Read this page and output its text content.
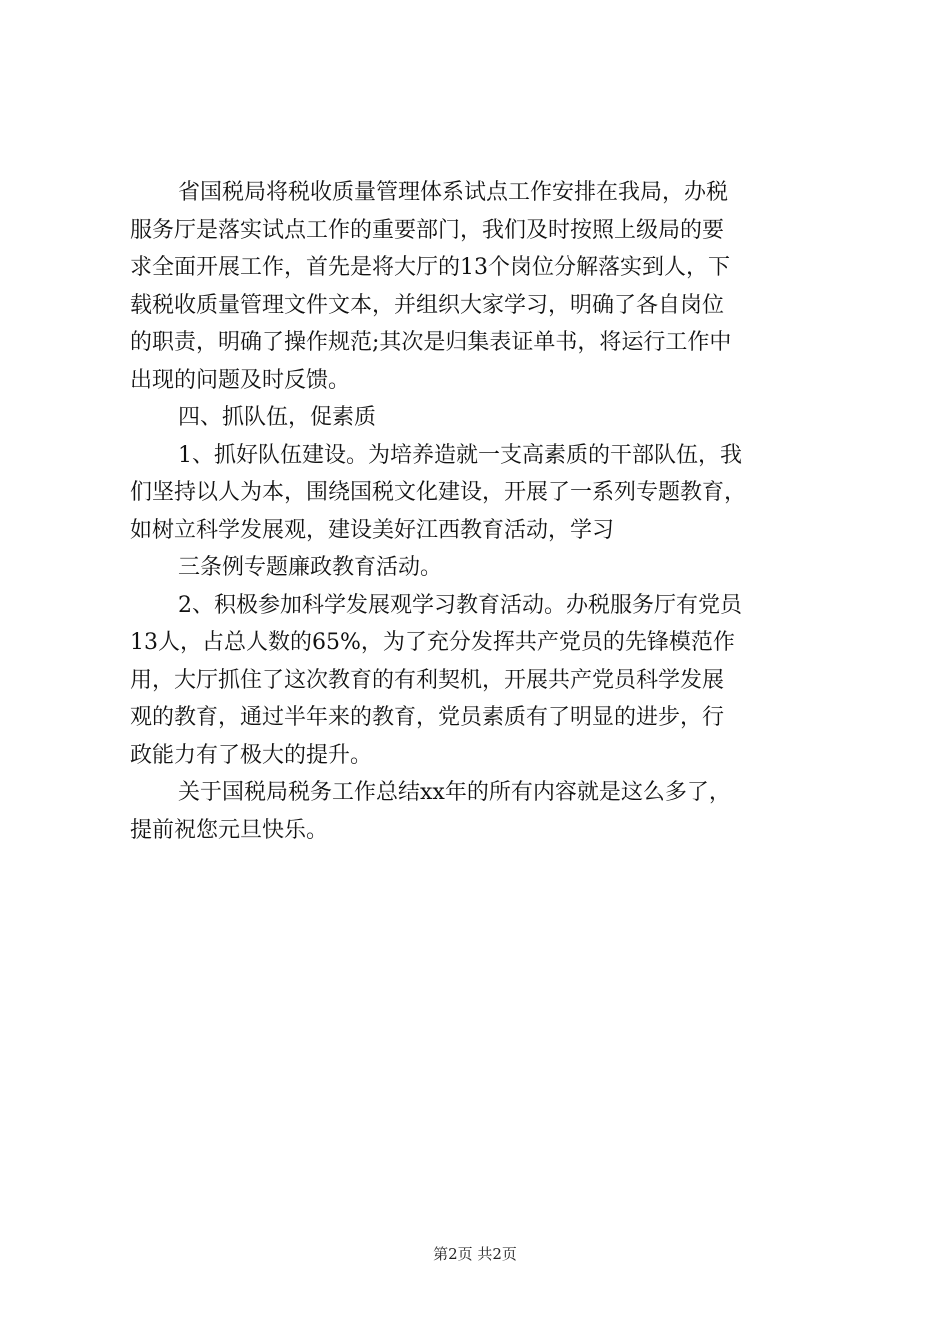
省国税局将税收质量管理体系试点工作安排在我局，办税
服务厅是落实试点工作的重要部门，我们及时按照上级局的要
求全面开展工作，首先是将大厅的13个岗位分解落实到人，下
载税收质量管理文件文本，并组织大家学习，明确了各自岗位
的职责，明确了操作规范;其次是归集表证单书，将运行工作中
出现的问题及时反馈。
四、抓队伍，促素质
1、抓好队伍建设。为培养造就一支高素质的干部队伍，我
们坚持以人为本，围绕国税文化建设，开展了一系列专题教育，
如树立科学发展观，建设美好江西教育活动，学习
三条例专题廉政教育活动。
2、积极参加科学发展观学习教育活动。办税服务厅有党员
13人，占总人数的65%，为了充分发挥共产党员的先锋模范作
用，大厅抓住了这次教育的有利契机，开展共产党员科学发展
观的教育，通过半年来的教育，党员素质有了明显的进步，行
政能力有了极大的提升。
关于国税局税务工作总结xx年的所有内容就是这么多了，
提前祝您元旦快乐。
第2页 共2页
